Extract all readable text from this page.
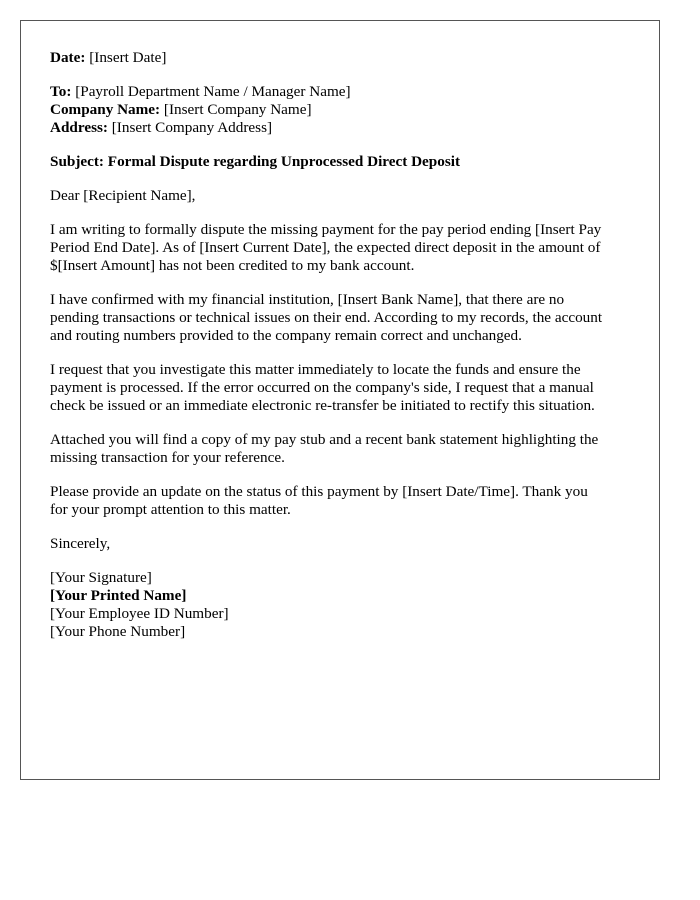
Date: [Insert Date]
To: [Payroll Department Name / Manager Name]
Company Name: [Insert Company Name]
Address: [Insert Company Address]
Subject: Formal Dispute regarding Unprocessed Direct Deposit
Dear [Recipient Name],
I am writing to formally dispute the missing payment for the pay period ending [Insert Pay
Period End Date]. As of [Insert Current Date], the expected direct deposit in the amount of
$[Insert Amount] has not been credited to my bank account.
I have confirmed with my financial institution, [Insert Bank Name], that there are no
pending transactions or technical issues on their end. According to my records, the account
and routing numbers provided to the company remain correct and unchanged.
I request that you investigate this matter immediately to locate the funds and ensure the
payment is processed. If the error occurred on the company's side, I request that a manual
check be issued or an immediate electronic re-transfer be initiated to rectify this situation.
Attached you will find a copy of my pay stub and a recent bank statement highlighting the
missing transaction for your reference.
Please provide an update on the status of this payment by [Insert Date/Time]. Thank you
for your prompt attention to this matter.
Sincerely,
[Your Signature]
[Your Printed Name]
[Your Employee ID Number]
[Your Phone Number]
